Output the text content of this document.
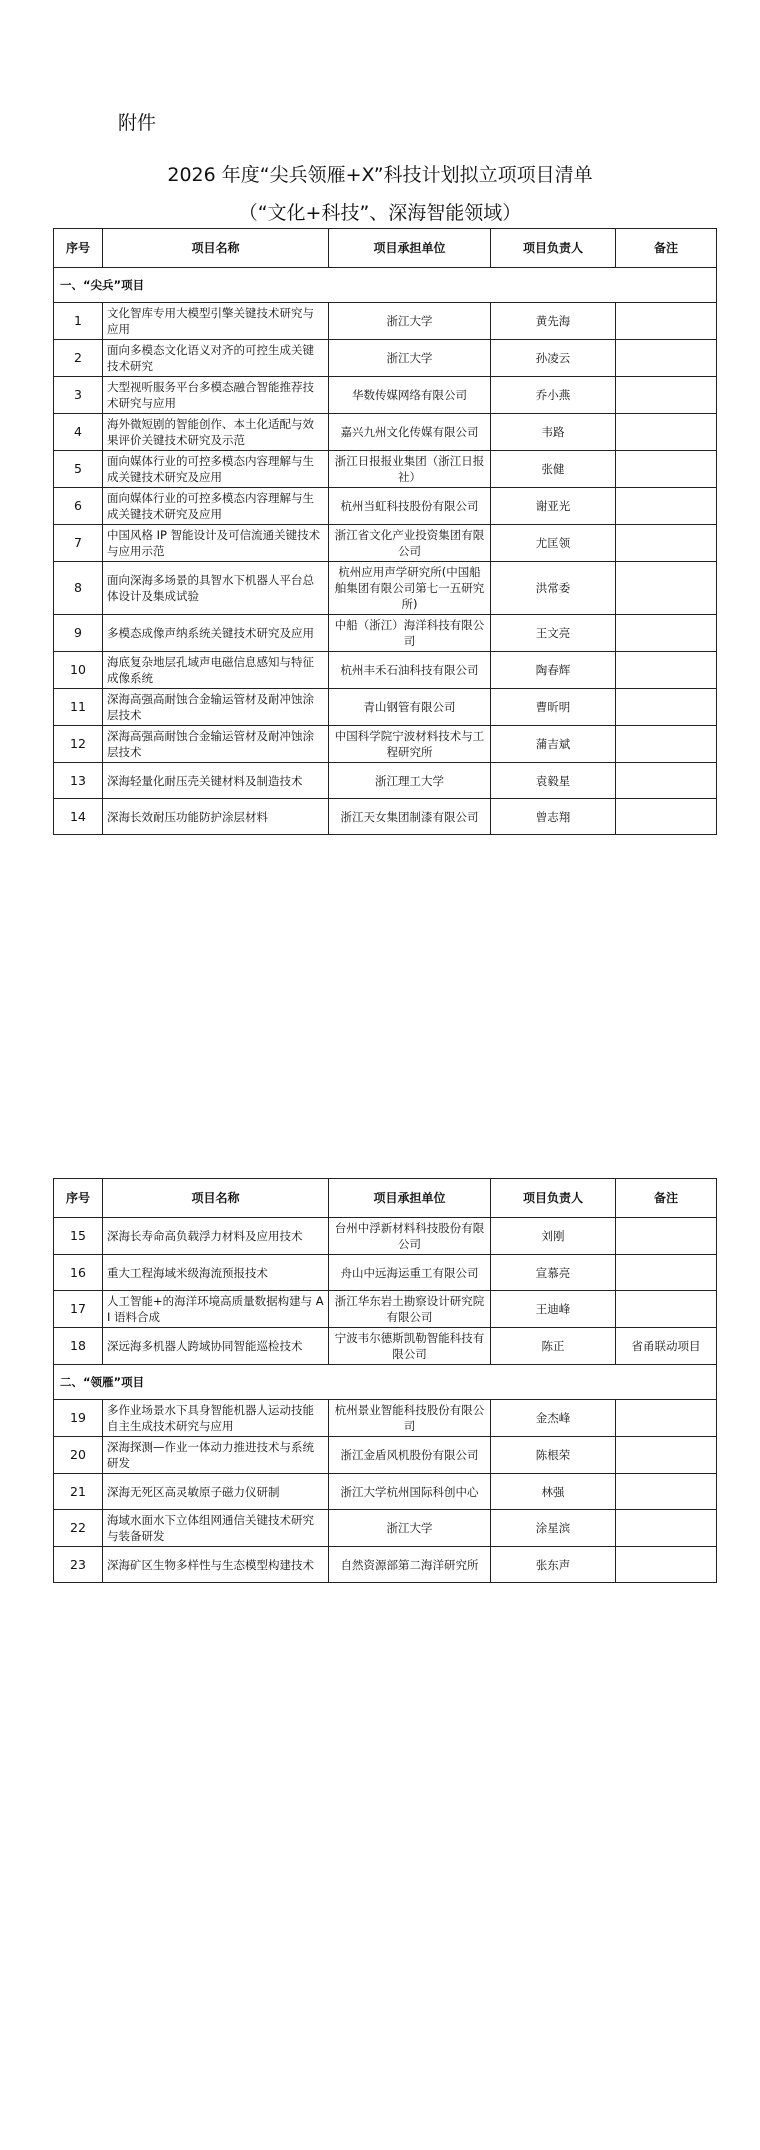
附件
2026 年度“尖兵领雁+X”科技计划拟立项项目清单
（“文化+科技”、深海智能领域）
序号	项目名称	项目承担单位	项目负责人	备注
一、“尖兵”项目				
1	文化智库专用大模型引擎关键技术研究与应用	浙江大学	黄先海	
2	面向多模态文化语义对齐的可控生成关键技术研究	浙江大学	孙凌云	
3	大型视听服务平台多模态融合智能推荐技术研究与应用	华数传媒网络有限公司	乔小燕	
4	海外微短剧的智能创作、本土化适配与效果评价关键技术研究及示范	嘉兴九州文化传媒有限公司	韦路	
5	面向媒体行业的可控多模态内容理解与生成关键技术研究及应用	浙江日报报业集团（浙江日报社）	张健	
6	面向媒体行业的可控多模态内容理解与生成关键技术研究及应用	杭州当虹科技股份有限公司	谢亚光	
7	中国风格 IP 智能设计及可信流通关键技术与应用示范	浙江省文化产业投资集团有限公司	尤匡领	
8	面向深海多场景的具智水下机器人平台总体设计及集成试验	杭州应用声学研究所(中国船舶集团有限公司第七一五研究所)	洪常委	
9	多模态成像声纳系统关键技术研究及应用	中船（浙江）海洋科技有限公司	王文亮	
10	海底复杂地层孔域声电磁信息感知与特征成像系统	杭州丰禾石油科技有限公司	陶春辉	
11	深海高强高耐蚀合金输运管材及耐冲蚀涂层技术	青山钢管有限公司	曹昕明	
12	深海高强高耐蚀合金输运管材及耐冲蚀涂层技术	中国科学院宁波材料技术与工程研究所	蒲吉斌	
13	深海轻量化耐压壳关键材料及制造技术	浙江理工大学	袁毅星	
14	深海长效耐压功能防护涂层材料	浙江天女集团制漆有限公司	曾志翔	
序号	项目名称	项目承担单位	项目负责人	备注
15	深海长寿命高负载浮力材料及应用技术	台州中浮新材料科技股份有限公司	刘刚	
16	重大工程海域米级海流预报技术	舟山中远海运重工有限公司	宣慕亮	
17	人工智能+的海洋环境高质量数据构建与 AI 语料合成	浙江华东岩土勘察设计研究院有限公司	王迪峰	
18	深远海多机器人跨域协同智能巡检技术	宁波韦尔德斯凯勒智能科技有限公司	陈正	省甬联动项目
二、“领雁”项目				
19	多作业场景水下具身智能机器人运动技能自主生成技术研究与应用	杭州景业智能科技股份有限公司	金杰峰	
20	深海探测—作业一体动力推进技术与系统研发	浙江金盾风机股份有限公司	陈根荣	
21	深海无死区高灵敏原子磁力仪研制	浙江大学杭州国际科创中心	林强	
22	海域水面水下立体组网通信关键技术研究与装备研发	浙江大学	涂星滨	
23	深海矿区生物多样性与生态模型构建技术	自然资源部第二海洋研究所	张东声	
